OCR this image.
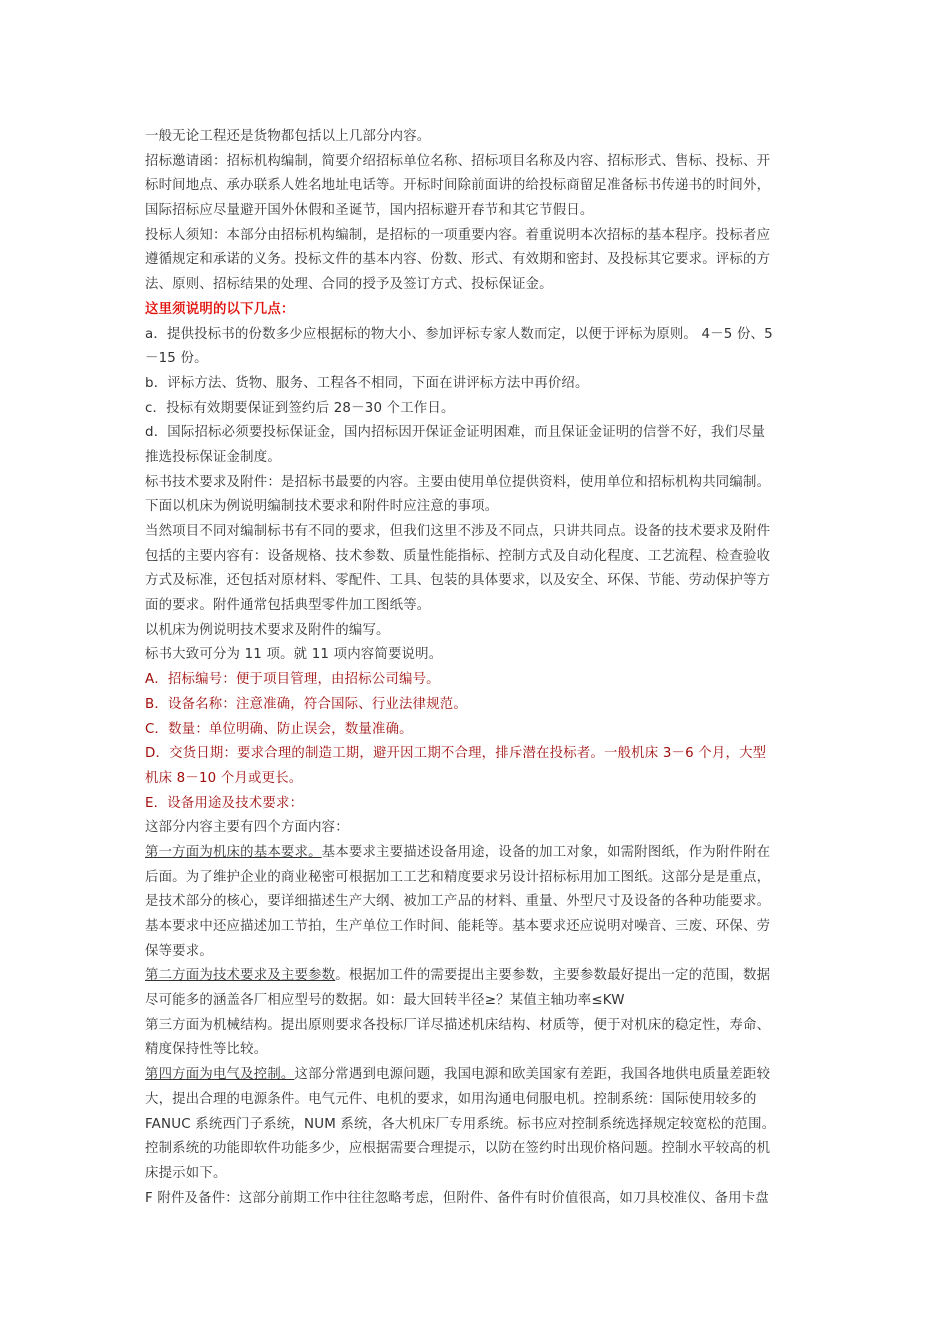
一般无论工程还是货物都包括以上几部分内容。
招标邀请函：招标机构编制，简要介绍招标单位名称、招标项目名称及内容、招标形式、售标、投标、开
标时间地点、承办联系人姓名地址电话等。开标时间除前面讲的给投标商留足准备标书传递书的时间外，
国际招标应尽量避开国外休假和圣诞节，国内招标避开春节和其它节假日。
投标人须知：本部分由招标机构编制，是招标的一项重要内容。着重说明本次招标的基本程序。投标者应
遵循规定和承诺的义务。投标文件的基本内容、份数、形式、有效期和密封、及投标其它要求。评标的方
法、原则、招标结果的处理、合同的授予及签订方式、投标保证金。
这里须说明的以下几点：
a．提供投标书的份数多少应根据标的物大小、参加评标专家人数而定，以便于评标为原则。 4－5 份、5
－15 份。
b．评标方法、货物、服务、工程各不相同，下面在讲评标方法中再价绍。
c．投标有效期要保证到签约后 28－30 个工作日。
d．国际招标必须要投标保证金，国内招标因开保证金证明困难，而且保证金证明的信誉不好，我们尽量
推选投标保证金制度。
标书技术要求及附件：是招标书最要的内容。主要由使用单位提供资料，使用单位和招标机构共同编制。
下面以机床为例说明编制技术要求和附件时应注意的事项。
当然项目不同对编制标书有不同的要求，但我们这里不涉及不同点，只讲共同点。设备的技术要求及附件
包括的主要内容有：设备规格、技术参数、质量性能指标、控制方式及自动化程度、工艺流程、检查验收
方式及标准，还包括对原材料、零配件、工具、包装的具体要求，以及安全、环保、节能、劳动保护等方
面的要求。附件通常包括典型零件加工图纸等。
以机床为例说明技术要求及附件的编写。
标书大致可分为 11 项。就 11 项内容简要说明。
A．招标编号：便于项目管理，由招标公司编号。
B．设备名称：注意准确，符合国际、行业法律规范。
C．数量：单位明确、防止误会，数量准确。
D．交货日期：要求合理的制造工期，避开因工期不合理，排斥潜在投标者。一般机床 3－6 个月，大型
机床 8－10 个月或更长。
E．设备用途及技术要求：
这部分内容主要有四个方面内容：
第一方面为机床的基本要求。基本要求主要描述设备用途，设备的加工对象，如需附图纸，作为附件附在
后面。为了维护企业的商业秘密可根据加工工艺和精度要求另设计招标标用加工图纸。这部分是是重点，
是技术部分的核心，要详细描述生产大纲、被加工产品的材料、重量、外型尺寸及设备的各种功能要求。
基本要求中还应描述加工节拍，生产单位工作时间、能耗等。基本要求还应说明对噪音、三废、环保、劳
保等要求。
第二方面为技术要求及主要参数。根据加工件的需要提出主要参数，主要参数最好提出一定的范围，数据
尽可能多的涵盖各厂相应型号的数据。如：最大回转半径≥？某值主轴功率≤KW
第三方面为机械结构。提出原则要求各投标厂详尽描述机床结构、材质等，便于对机床的稳定性，寿命、
精度保持性等比较。
第四方面为电气及控制。这部分常遇到电源问题，我国电源和欧美国家有差距，我国各地供电质量差距较
大，提出合理的电源条件。电气元件、电机的要求，如用沟通电伺服电机。控制系统：国际使用较多的
FANUC 系统西门子系统，NUM 系统，各大机床厂专用系统。标书应对控制系统选择规定较宽松的范围。
控制系统的功能即软件功能多少，应根据需要合理提示，以防在签约时出现价格问题。控制水平较高的机
床提示如下。
F 附件及备件：这部分前期工作中往往忽略考虑，但附件、备件有时价值很高，如刀具校准仪、备用卡盘
